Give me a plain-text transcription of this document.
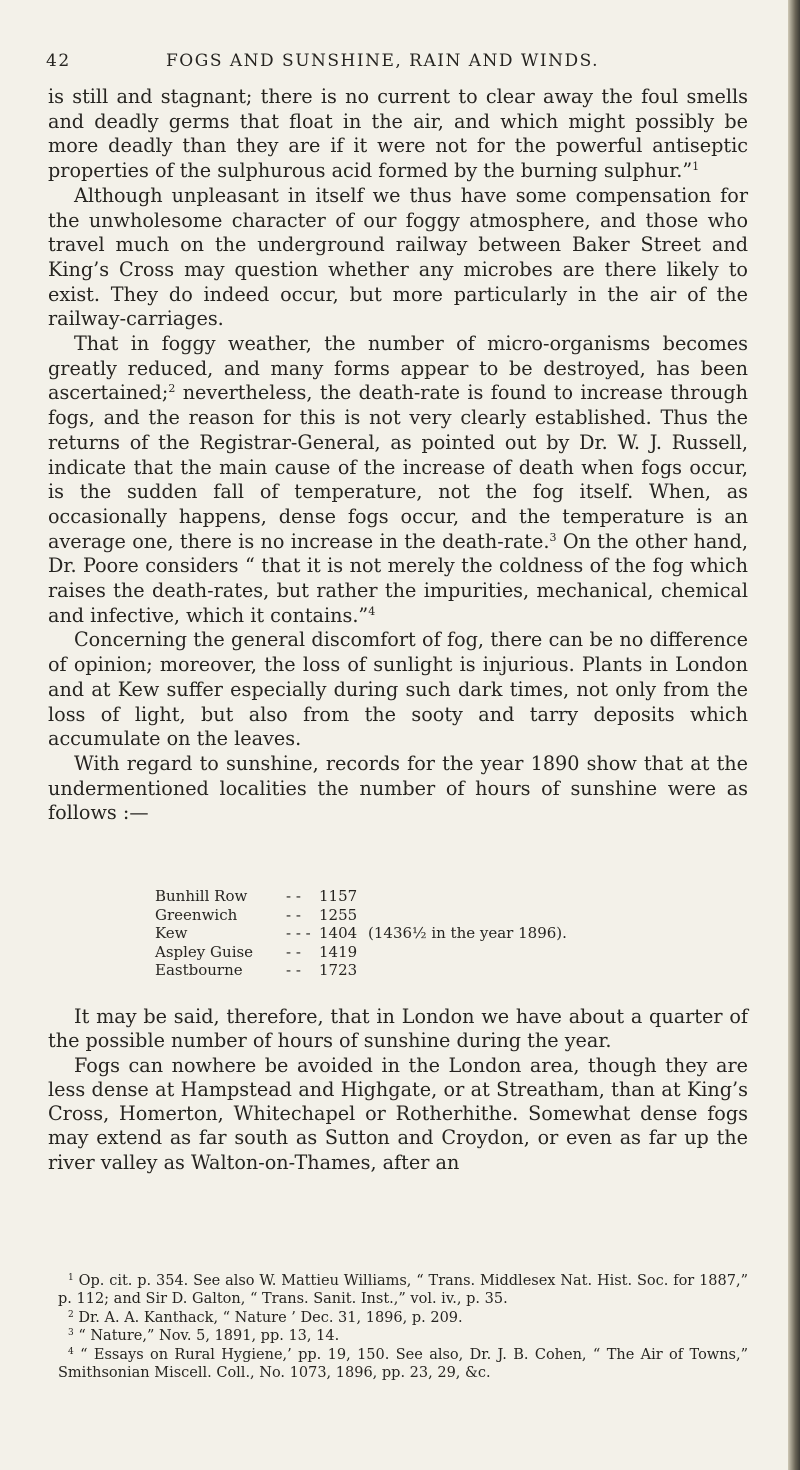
42	FOGS AND SUNSHINE, RAIN AND WINDS.

is still and stagnant; there is no current to clear away the foul smells and deadly germs that float in the air, and which might possibly be more deadly than they are if it were not for the powerful antiseptic properties of the sulphurous acid formed by the burning sulphur.”$^1$

Although unpleasant in itself we thus have some compensation for the unwholesome character of our foggy atmosphere, and those who travel much on the underground railway between Baker Street and King’s Cross may question whether any microbes are there likely to exist. They do indeed occur, but more particularly in the air of the railway-carriages.

That in foggy weather, the number of micro-organisms becomes greatly reduced, and many forms appear to be destroyed, has been ascertained;$^2$ nevertheless, the death-rate is found to increase through fogs, and the reason for this is not very clearly established. Thus the returns of the Registrar-General, as pointed out by Dr. W. J. Russell, indicate that the main cause of the increase of death when fogs occur, is the sudden fall of temperature, not the fog itself. When, as occasionally happens, dense fogs occur, and the temperature is an average one, there is no increase in the death-rate.$^3$ On the other hand, Dr. Poore considers “ that it is not merely the coldness of the fog which raises the death-rates, but rather the impurities, mechanical, chemical and infective, which it contains.”$^4$

Concerning the general discomfort of fog, there can be no difference of opinion; moreover, the loss of sunlight is injurious. Plants in London and at Kew suffer especially during such dark times, not only from the loss of light, but also from the sooty and tarry deposits which accumulate on the leaves.

With regard to sunshine, records for the year 1890 show that at the undermentioned localities the number of hours of sunshine were as follows :—

Bunhill Row	- - 1157
Greenwich	- - 1255
Kew	- - - 1404 (1436½ in the year 1896).
Aspley Guise - - 1419
Eastbourne	- - 1723

It may be said, therefore, that in London we have about a quarter of the possible number of hours of sunshine during the year.

Fogs can nowhere be avoided in the London area, though they are less dense at Hampstead and Highgate, or at Streatham, than at King’s Cross, Homerton, Whitechapel or Rotherhithe. Somewhat dense fogs may extend as far south as Sutton and Croydon, or even as far up the river valley as Walton-on-Thames, after an

$^1$ Op. cit. p. 354. See also W. Mattieu Williams, “ Trans. Middlesex Nat. Hist. Soc. for 1887,” p. 112; and Sir D. Galton, “ Trans. Sanit. Inst.,” vol. iv., p. 35.

$^2$ Dr. A. A. Kanthack, “ Nature ’ Dec. 31, 1896, p. 209.

$^3$ “ Nature,” Nov. 5, 1891, pp. 13, 14.

$^4$ “ Essays on Rural Hygiene,’ pp. 19, 150. See also, Dr. J. B. Cohen, “ The Air of Towns,” Smithsonian Miscell. Coll., No. 1073, 1896, pp. 23, 29, &c.
